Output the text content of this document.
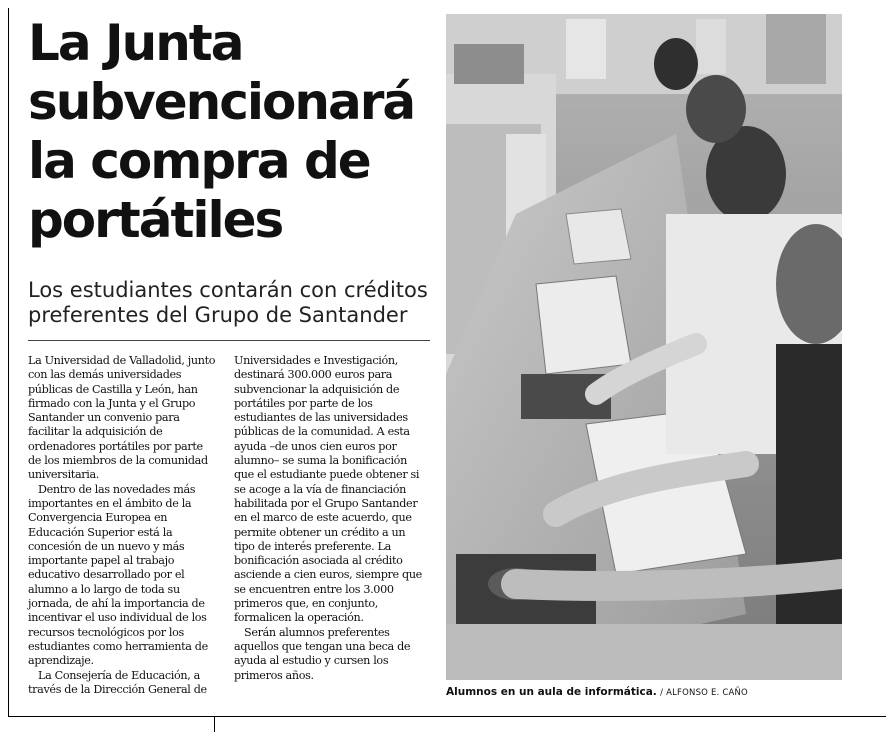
La Junta
subvencionará
la compra de
portátiles
Los estudiantes contarán con créditos
preferentes del Grupo de Santander

La Universidad de Valladolid, junto con las demás universidades públicas de Castilla y León, han firmado con la Junta y el Grupo Santander un convenio para facilitar la adquisición de ordenadores portátiles por parte de los miembros de la comunidad universitaria.

Dentro de las novedades más importantes en el ámbito de la Convergencia Europea en Educación Superior está la concesión de un nuevo y más importante papel al trabajo educativo desarrollado por el alumno a lo largo de toda su jornada, de ahí la importancia de incentivar el uso individual de los recursos tecnológicos por los estudiantes como herramienta de aprendizaje.

La Consejería de Educación, a través de la Dirección General de

Universidades e Investigación, destinará 300.000 euros para subvencionar la adquisición de portátiles por parte de los estudiantes de las universidades públicas de la comunidad. A esta ayuda –de unos cien euros por alumno– se suma la bonificación que el estudiante puede obtener si se acoge a la vía de financiación habilitada por el Grupo Santander en el marco de este acuerdo, que permite obtener un crédito a un tipo de interés preferente. La bonificación asociada al crédito asciende a cien euros, siempre que se encuentren entre los 3.000 primeros que, en conjunto, formalicen la operación.

Serán alumnos preferentes aquellos que tengan una beca de ayuda al estudio y cursen los primeros años.

Alumnos en un aula de informática. / ALFONSO E. CAÑO
